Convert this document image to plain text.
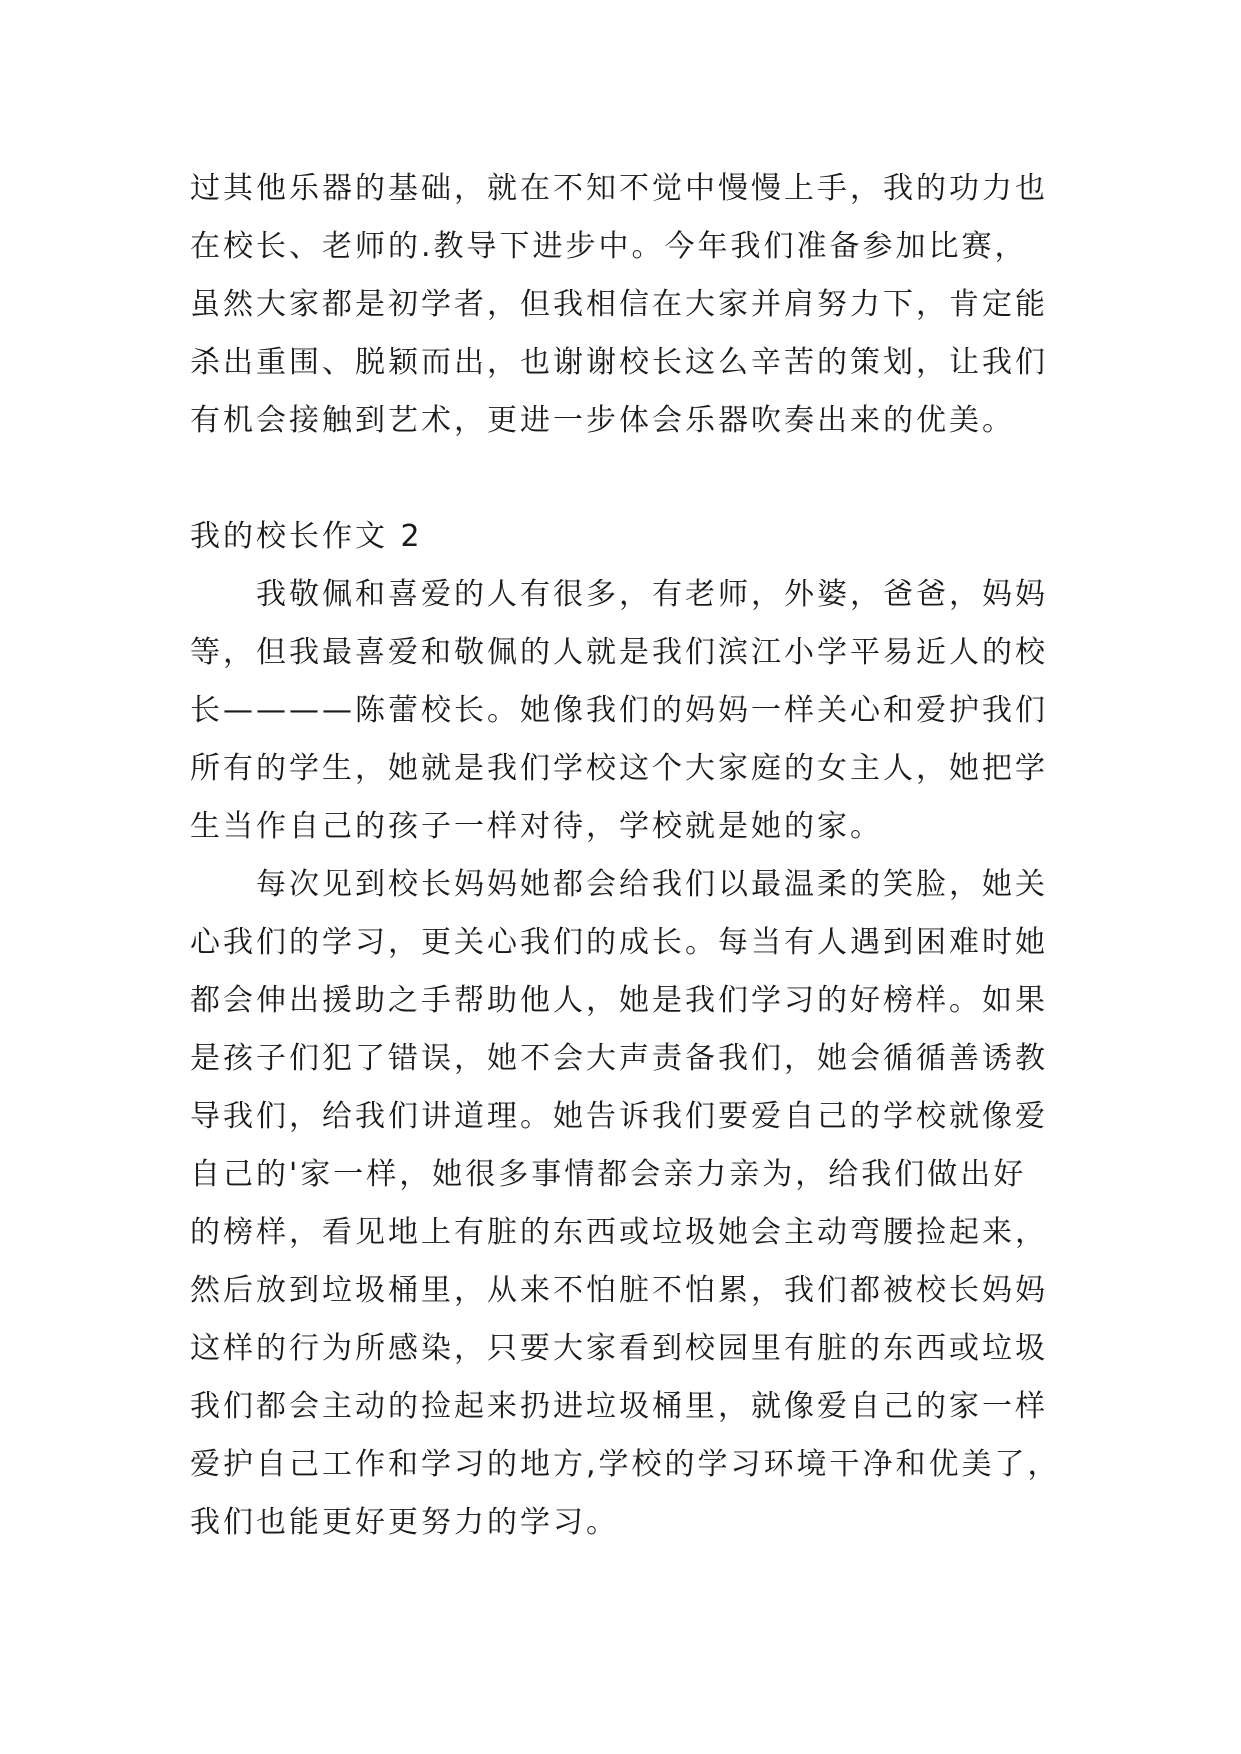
过其他乐器的基础，就在不知不觉中慢慢上手，我的功力也
在校长、老师的.教导下进步中。今年我们准备参加比赛，
虽然大家都是初学者，但我相信在大家并肩努力下，肯定能
杀出重围、脱颖而出，也谢谢校长这么辛苦的策划，让我们
有机会接触到艺术，更进一步体会乐器吹奏出来的优美。
我的校长作文 2
　　我敬佩和喜爱的人有很多，有老师，外婆，爸爸，妈妈
等，但我最喜爱和敬佩的人就是我们滨江小学平易近人的校
长————陈蕾校长。她像我们的妈妈一样关心和爱护我们
所有的学生，她就是我们学校这个大家庭的女主人，她把学
生当作自己的孩子一样对待，学校就是她的家。
　　每次见到校长妈妈她都会给我们以最温柔的笑脸，她关
心我们的学习，更关心我们的成长。每当有人遇到困难时她
都会伸出援助之手帮助他人，她是我们学习的好榜样。如果
是孩子们犯了错误，她不会大声责备我们，她会循循善诱教
导我们，给我们讲道理。她告诉我们要爱自己的学校就像爱
自己的'家一样，她很多事情都会亲力亲为，给我们做出好
的榜样，看见地上有脏的东西或垃圾她会主动弯腰捡起来，
然后放到垃圾桶里，从来不怕脏不怕累，我们都被校长妈妈
这样的行为所感染，只要大家看到校园里有脏的东西或垃圾
我们都会主动的捡起来扔进垃圾桶里，就像爱自己的家一样
爱护自己工作和学习的地方,学校的学习环境干净和优美了，
我们也能更好更努力的学习。
